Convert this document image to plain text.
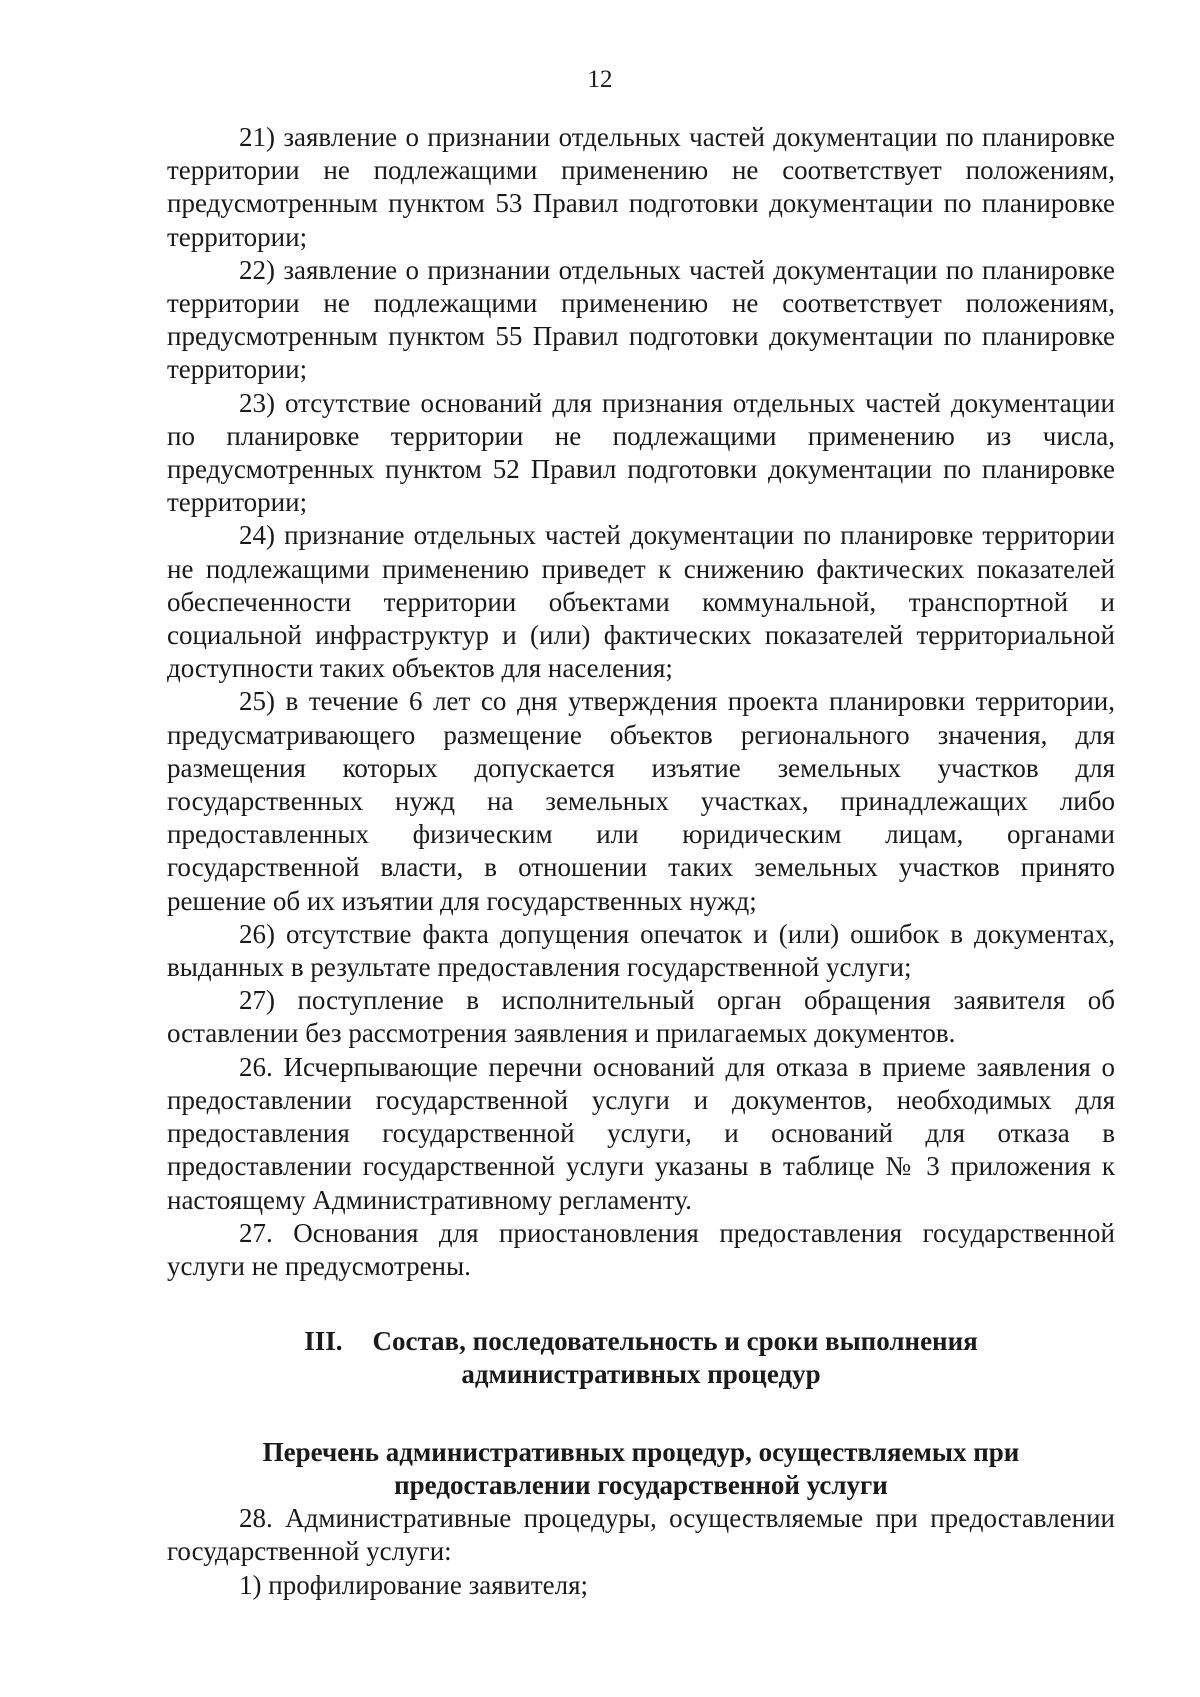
12

21) заявление о признании отдельных частей документации по планировке территории не подлежащими применению не соответствует положениям, предусмотренным пунктом 53 Правил подготовки документации по планировке территории;

22) заявление о признании отдельных частей документации по планировке территории не подлежащими применению не соответствует положениям, предусмотренным пунктом 55 Правил подготовки документации по планировке территории;

23) отсутствие оснований для признания отдельных частей документации по планировке территории не подлежащими применению из числа, предусмотренных пунктом 52 Правил подготовки документации по планировке территории;

24) признание отдельных частей документации по планировке территории не подлежащими применению приведет к снижению фактических показателей обеспеченности территории объектами коммунальной, транспортной и социальной инфраструктур и (или) фактических показателей территориальной доступности таких объектов для населения;

25) в течение 6 лет со дня утверждения проекта планировки территории, предусматривающего размещение объектов регионального значения, для размещения которых допускается изъятие земельных участков для государственных нужд на земельных участках, принадлежащих либо предоставленных физическим или юридическим лицам, органами государственной власти, в отношении таких земельных участков принято решение об их изъятии для государственных нужд;

26) отсутствие факта допущения опечаток и (или) ошибок в документах, выданных в результате предоставления государственной услуги;

27) поступление в исполнительный орган обращения заявителя об оставлении без рассмотрения заявления и прилагаемых документов.

26. Исчерпывающие перечни оснований для отказа в приеме заявления о предоставлении государственной услуги и документов, необходимых для предоставления государственной услуги, и оснований для отказа в предоставлении государственной услуги указаны в таблице № 3 приложения к настоящему Административному регламенту.

27. Основания для приостановления предоставления государственной услуги не предусмотрены.

III. Состав, последовательность и сроки выполнения

административных процедур

Перечень административных процедур, осуществляемых при

предоставлении государственной услуги

28. Административные процедуры, осуществляемые при предоставлении государственной услуги:

1) профилирование заявителя;
